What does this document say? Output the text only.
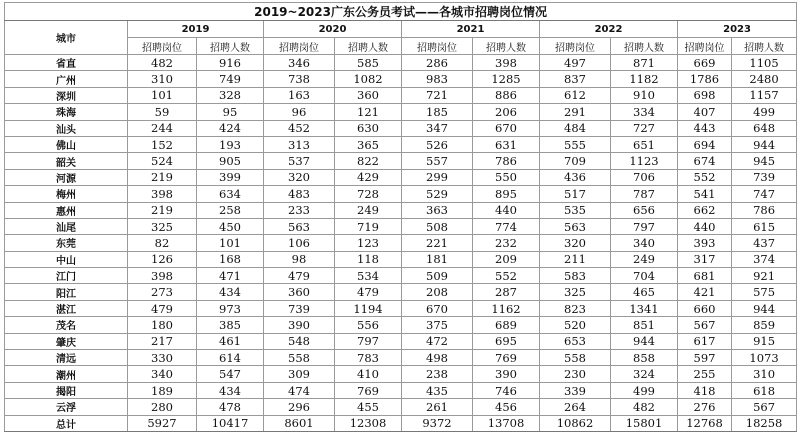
2019~2023广东公务员考试——各城市招聘岗位情况										
城市	2019		2020		2021		2022		2023	
	招聘岗位	招聘人数	招聘岗位	招聘人数	招聘岗位	招聘人数	招聘岗位	招聘人数	招聘岗位	招聘人数
省直	482	916	346	585	286	398	497	871	669	1105
广州	310	749	738	1082	983	1285	837	1182	1786	2480
深圳	101	328	163	360	721	886	612	910	698	1157
珠海	59	95	96	121	185	206	291	334	407	499
汕头	244	424	452	630	347	670	484	727	443	648
佛山	152	193	313	365	526	631	555	651	694	944
韶关	524	905	537	822	557	786	709	1123	674	945
河源	219	399	320	429	299	550	436	706	552	739
梅州	398	634	483	728	529	895	517	787	541	747
惠州	219	258	233	249	363	440	535	656	662	786
汕尾	325	450	563	719	508	774	563	797	440	615
东莞	82	101	106	123	221	232	320	340	393	437
中山	126	168	98	118	181	209	211	249	317	374
江门	398	471	479	534	509	552	583	704	681	921
阳江	273	434	360	479	208	287	325	465	421	575
湛江	479	973	739	1194	670	1162	823	1341	660	944
茂名	180	385	390	556	375	689	520	851	567	859
肇庆	217	461	548	797	472	695	653	944	617	915
清远	330	614	558	783	498	769	558	858	597	1073
潮州	340	547	309	410	238	390	230	324	255	310
揭阳	189	434	474	769	435	746	339	499	418	618
云浮	280	478	296	455	261	456	264	482	276	567
总计	5927	10417	8601	12308	9372	13708	10862	15801	12768	18258
